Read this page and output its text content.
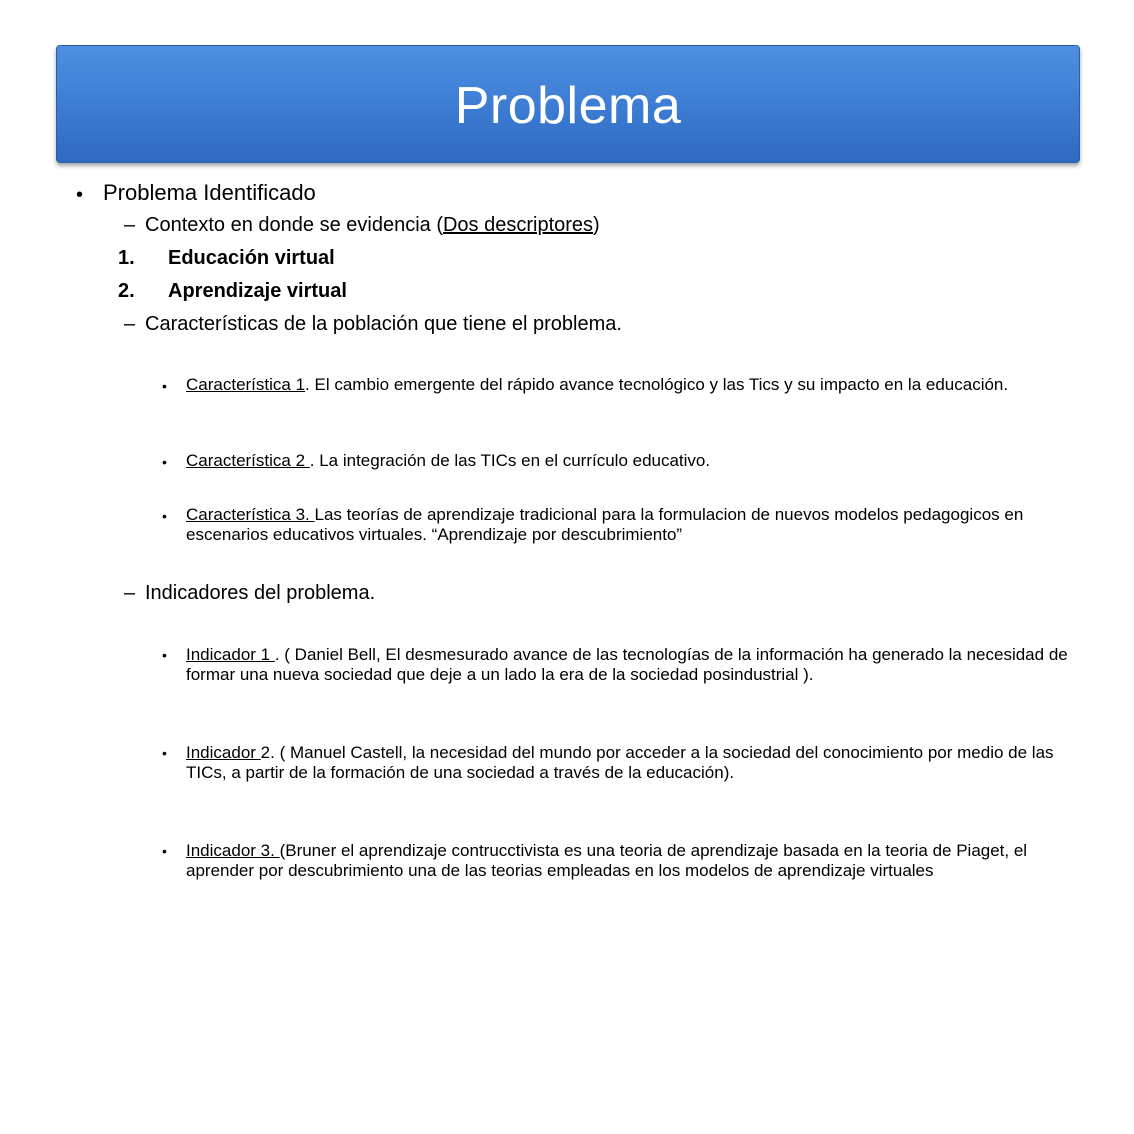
Problema
• Problema Identificado
– Contexto en donde se evidencia (Dos descriptores)
1. Educación virtual
2. Aprendizaje virtual
– Características de la población que tiene el problema.
• Característica 1. El cambio emergente del rápido avance tecnológico y las Tics y su impacto en la educación.
• Característica 2 . La integración de las TICs en el currículo educativo.
• Característica 3. Las teorías de aprendizaje tradicional para la formulacion de nuevos modelos pedagogicos en escenarios educativos virtuales. “Aprendizaje por descubrimiento”
– Indicadores del problema.
• Indicador 1 . ( Daniel Bell, El desmesurado avance de las tecnologías de la información ha generado la necesidad de formar una nueva sociedad que deje a un lado la era de la sociedad posindustrial ).
• Indicador 2. ( Manuel Castell, la necesidad del mundo por acceder a la sociedad del conocimiento por medio de las TICs, a partir de la formación de una sociedad a través de la educación).
• Indicador 3. (Bruner el aprendizaje contrucctivista es una teoria de aprendizaje basada en la teoria de Piaget, el aprender por descubrimiento una de las teorias empleadas en los modelos de aprendizaje virtuales
